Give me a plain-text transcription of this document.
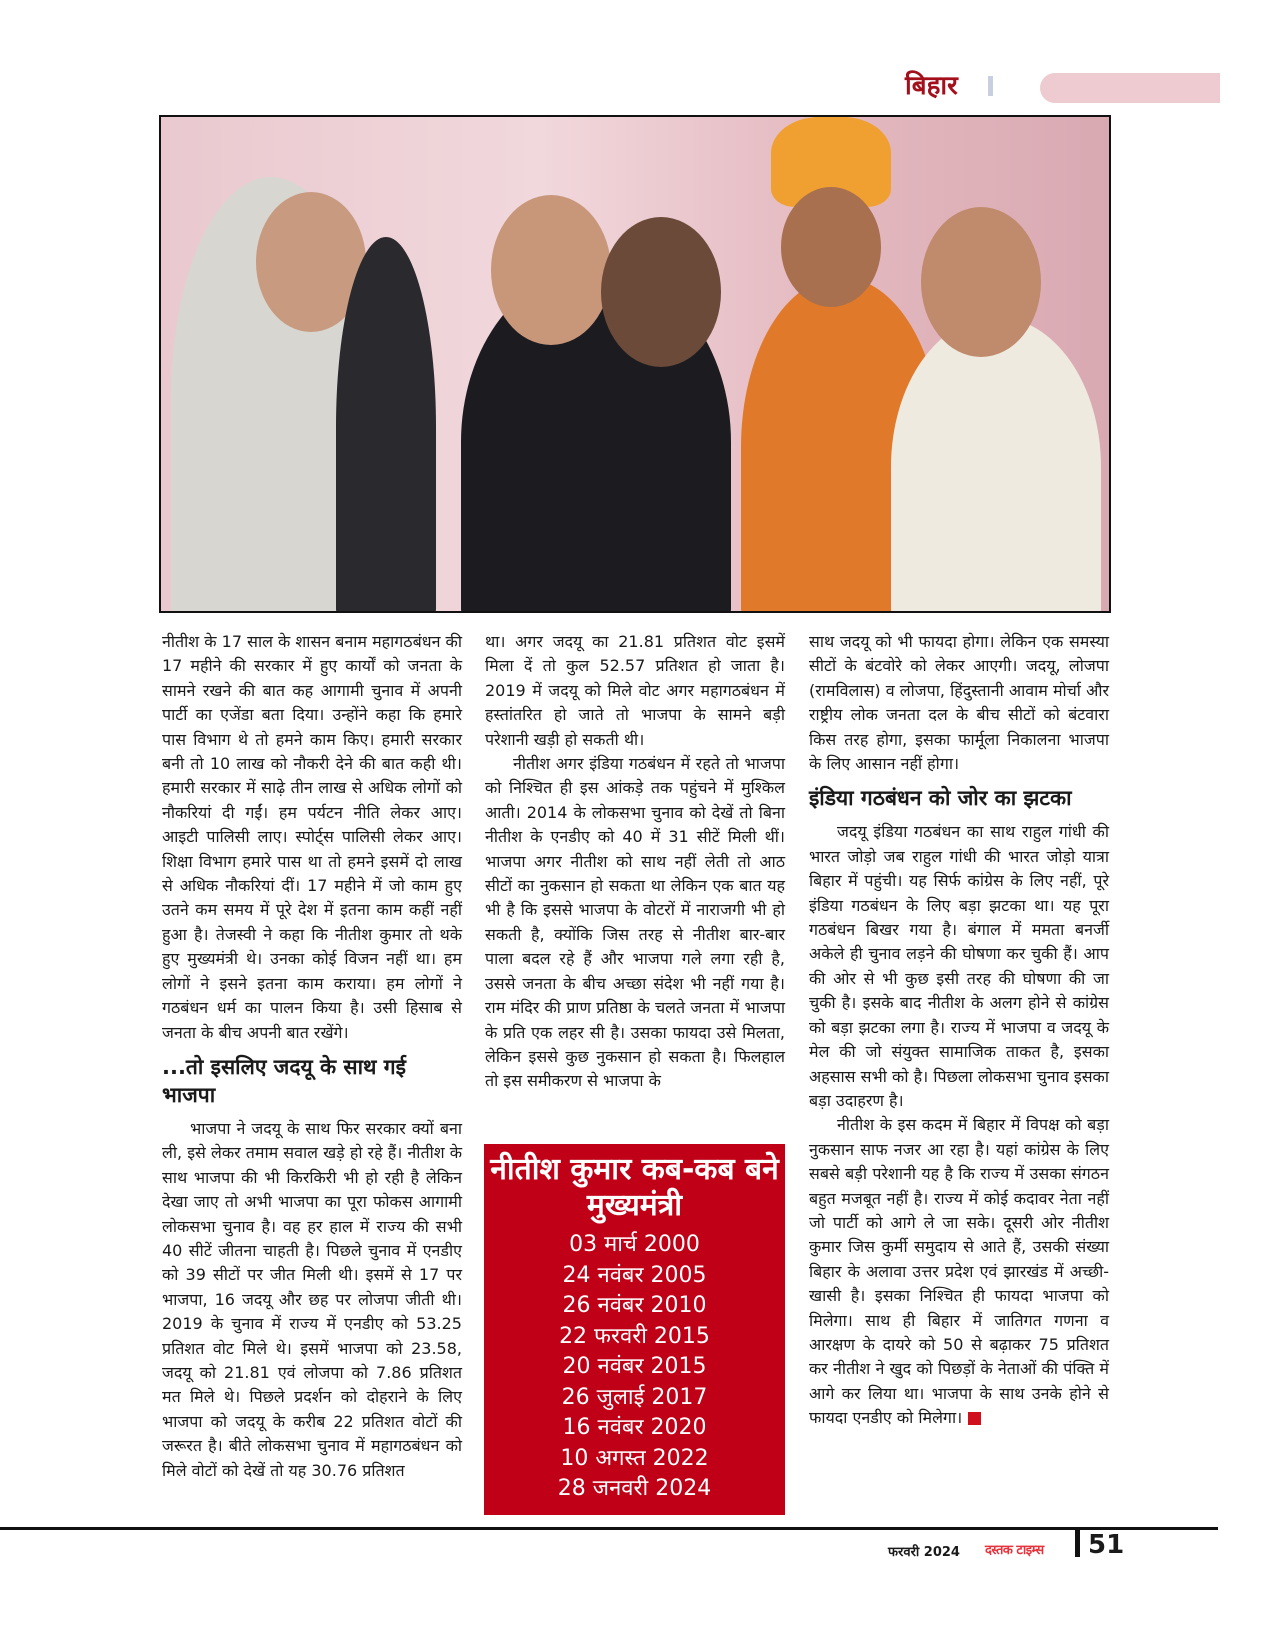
बिहार

नीतीश के 17 साल के शासन बनाम महागठबंधन की 17 महीने की सरकार में हुए कार्यों को जनता के सामने रखने की बात कह आगामी चुनाव में अपनी पार्टी का एजेंडा बता दिया। उन्होंने कहा कि हमारे पास विभाग थे तो हमने काम किए। हमारी सरकार बनी तो 10 लाख को नौकरी देने की बात कही थी। हमारी सरकार में साढ़े तीन लाख से अधिक लोगों को नौकरियां दी गईं। हम पर्यटन नीति लेकर आए। आइटी पालिसी लाए। स्पोर्ट्स पालिसी लेकर आए। शिक्षा विभाग हमारे पास था तो हमने इसमें दो लाख से अधिक नौकरियां दीं। 17 महीने में जो काम हुए उतने कम समय में पूरे देश में इतना काम कहीं नहीं हुआ है। तेजस्वी ने कहा कि नीतीश कुमार तो थके हुए मुख्यमंत्री थे। उनका कोई विजन नहीं था। हम लोगों ने इसने इतना काम कराया। हम लोगों ने गठबंधन धर्म का पालन किया है। उसी हिसाब से जनता के बीच अपनी बात रखेंगे।

...तो इसलिए जदयू के साथ गई भाजपा

भाजपा ने जदयू के साथ फिर सरकार क्यों बना ली, इसे लेकर तमाम सवाल खड़े हो रहे हैं। नीतीश के साथ भाजपा की भी किरकिरी भी हो रही है लेकिन देखा जाए तो अभी भाजपा का पूरा फोकस आगामी लोकसभा चुनाव है। वह हर हाल में राज्य की सभी 40 सीटें जीतना चाहती है। पिछले चुनाव में एनडीए को 39 सीटों पर जीत मिली थी। इसमें से 17 पर भाजपा, 16 जदयू और छह पर लोजपा जीती थी। 2019 के चुनाव में राज्य में एनडीए को 53.25 प्रतिशत वोट मिले थे। इसमें भाजपा को 23.58, जदयू को 21.81 एवं लोजपा को 7.86 प्रतिशत मत मिले थे। पिछले प्रदर्शन को दोहराने के लिए भाजपा को जदयू के करीब 22 प्रतिशत वोटों की जरूरत है। बीते लोकसभा चुनाव में महागठबंधन को मिले वोटों को देखें तो यह 30.76 प्रतिशत

था। अगर जदयू का 21.81 प्रतिशत वोट इसमें मिला दें तो कुल 52.57 प्रतिशत हो जाता है। 2019 में जदयू को मिले वोट अगर महागठबंधन में हस्तांतरित हो जाते तो भाजपा के सामने बड़ी परेशानी खड़ी हो सकती थी।

नीतीश अगर इंडिया गठबंधन में रहते तो भाजपा को निश्चित ही इस आंकड़े तक पहुंचने में मुश्किल आती। 2014 के लोकसभा चुनाव को देखें तो बिना नीतीश के एनडीए को 40 में 31 सीटें मिली थीं। भाजपा अगर नीतीश को साथ नहीं लेती तो आठ सीटों का नुकसान हो सकता था लेकिन एक बात यह भी है कि इससे भाजपा के वोटरों में नाराजगी भी हो सकती है, क्योंकि जिस तरह से नीतीश बार-बार पाला बदल रहे हैं और भाजपा गले लगा रही है, उससे जनता के बीच अच्छा संदेश भी नहीं गया है। राम मंदिर की प्राण प्रतिष्ठा के चलते जनता में भाजपा के प्रति एक लहर सी है। उसका फायदा उसे मिलता, लेकिन इससे कुछ नुकसान हो सकता है। फिलहाल तो इस समीकरण से भाजपा के

नीतीश कुमार कब-कब बने मुख्यमंत्री
03 मार्च 2000
24 नवंबर 2005
26 नवंबर 2010
22 फरवरी 2015
20 नवंबर 2015
26 जुलाई 2017
16 नवंबर 2020
10 अगस्त 2022
28 जनवरी 2024

साथ जदयू को भी फायदा होगा। लेकिन एक समस्या सीटों के बंटवोरे को लेकर आएगी। जदयू, लोजपा (रामविलास) व लोजपा, हिंदुस्तानी आवाम मोर्चा और राष्ट्रीय लोक जनता दल के बीच सीटों को बंटवारा किस तरह होगा, इसका फार्मूला निकालना भाजपा के लिए आसान नहीं होगा।

इंडिया गठबंधन को जोर का झटका

जदयू इंडिया गठबंधन का साथ राहुल गांधी की भारत जोड़ो जब राहुल गांधी की भारत जोड़ो यात्रा बिहार में पहुंची। यह सिर्फ कांग्रेस के लिए नहीं, पूरे इंडिया गठबंधन के लिए बड़ा झटका था। यह पूरा गठबंधन बिखर गया है। बंगाल में ममता बनर्जी अकेले ही चुनाव लड़ने की घोषणा कर चुकी हैं। आप की ओर से भी कुछ इसी तरह की घोषणा की जा चुकी है। इसके बाद नीतीश के अलग होने से कांग्रेस को बड़ा झटका लगा है। राज्य में भाजपा व जदयू के मेल की जो संयुक्त सामाजिक ताकत है, इसका अहसास सभी को है। पिछला लोकसभा चुनाव इसका बड़ा उदाहरण है।

नीतीश के इस कदम में बिहार में विपक्ष को बड़ा नुकसान साफ नजर आ रहा है। यहां कांग्रेस के लिए सबसे बड़ी परेशानी यह है कि राज्य में उसका संगठन बहुत मजबूत नहीं है। राज्य में कोई कदावर नेता नहीं जो पार्टी को आगे ले जा सके। दूसरी ओर नीतीश कुमार जिस कुर्मी समुदाय से आते हैं, उसकी संख्या बिहार के अलावा उत्तर प्रदेश एवं झारखंड में अच्छी-खासी है। इसका निश्चित ही फायदा भाजपा को मिलेगा। साथ ही बिहार में जातिगत गणना व आरक्षण के दायरे को 50 से बढ़ाकर 75 प्रतिशत कर नीतीश ने खुद को पिछड़ों के नेताओं की पंक्ति में आगे कर लिया था। भाजपा के साथ उनके होने से फायदा एनडीए को मिलेगा।

फरवरी 2024 दस्तक टाइम्स 51
